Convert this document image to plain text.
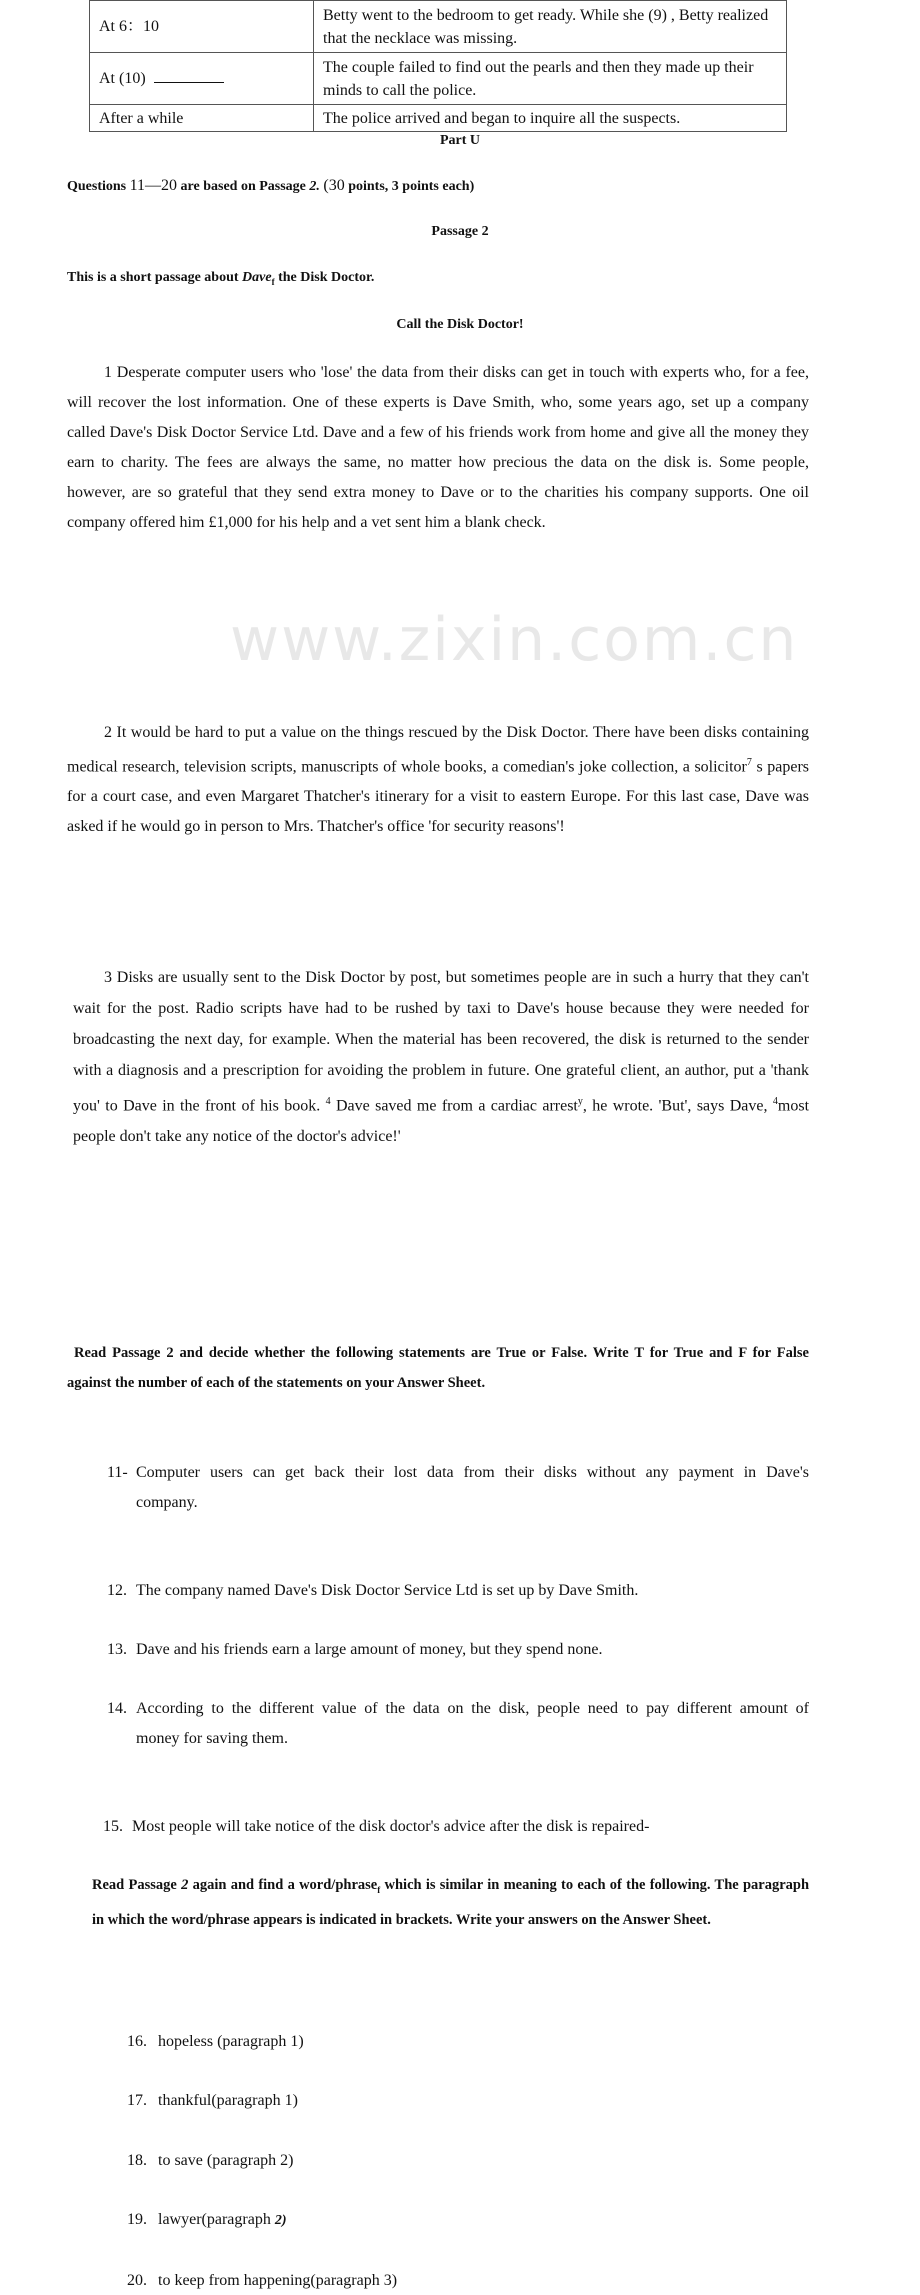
www.zixin.com.cn
At 6：10	Betty went to the bedroom to get ready. While she (9) , Betty realized that the necklace was missing.
At (10)	The couple failed to find out the pearls and then they made up their minds to call the police.
After a while	The police arrived and began to inquire all the suspects.
Part U
Questions 11—20 are based on Passage 2. (30 points, 3 points each)
Passage 2
This is a short passage about Dave$_f$ the Disk Doctor.
Call the Disk Doctor!
1 Desperate computer users who 'lose' the data from their disks can get in touch with experts who, for a fee, will recover the lost information. One of these experts is Dave Smith, who, some years ago, set up a company called Dave's Disk Doctor Service Ltd. Dave and a few of his friends work from home and give all the money they earn to charity. The fees are always the same, no matter how precious the data on the disk is. Some people, however, are so grateful that they send extra money to Dave or to the charities his company supports. One oil company offered him £1,000 for his help and a vet sent him a blank check.
2 It would be hard to put a value on the things rescued by the Disk Doctor. There have been disks containing medical research, television scripts, manuscripts of whole books, a comedian's joke collection, a solicitor$^7$ s papers for a court case, and even Margaret Thatcher's itinerary for a visit to eastern Europe. For this last case, Dave was asked if he would go in person to Mrs. Thatcher's office 'for security reasons'!
3 Disks are usually sent to the Disk Doctor by post, but sometimes people are in such a hurry that they can't wait for the post. Radio scripts have had to be rushed by taxi to Dave's house because they were needed for broadcasting the next day, for example. When the material has been recovered, the disk is returned to the sender with a diagnosis and a prescription for avoiding the problem in future. One grateful client, an author, put a 'thank you' to Dave in the front of his book. $^4$ Dave saved me from a cardiac arrest$^y$, he wrote. 'But', says Dave, $^4$most people don't take any notice of the doctor's advice!'
Read Passage 2 and decide whether the following statements are True or False. Write T for True and F for False against the number of each of the statements on your Answer Sheet.
11- Computer users can get back their lost data from their disks without any payment in Dave's
company.
12. The company named Dave's Disk Doctor Service Ltd is set up by Dave Smith.
13. Dave and his friends earn a large amount of money, but they spend none.
14. According to the different value of the data on the disk, people need to pay different amount of
money for saving them.
15. Most people will take notice of the disk doctor's advice after the disk is repaired-
Read Passage 2 again and find a word/phrase$_f$ which is similar in meaning to each of the following. The paragraph in which the word/phrase appears is indicated in brackets. Write your answers on the Answer Sheet.
16. hopeless (paragraph 1)
17. thankful(paragraph 1)
18. to save (paragraph 2)
19. lawyer(paragraph 2)
20. to keep from happening(paragraph 3)
